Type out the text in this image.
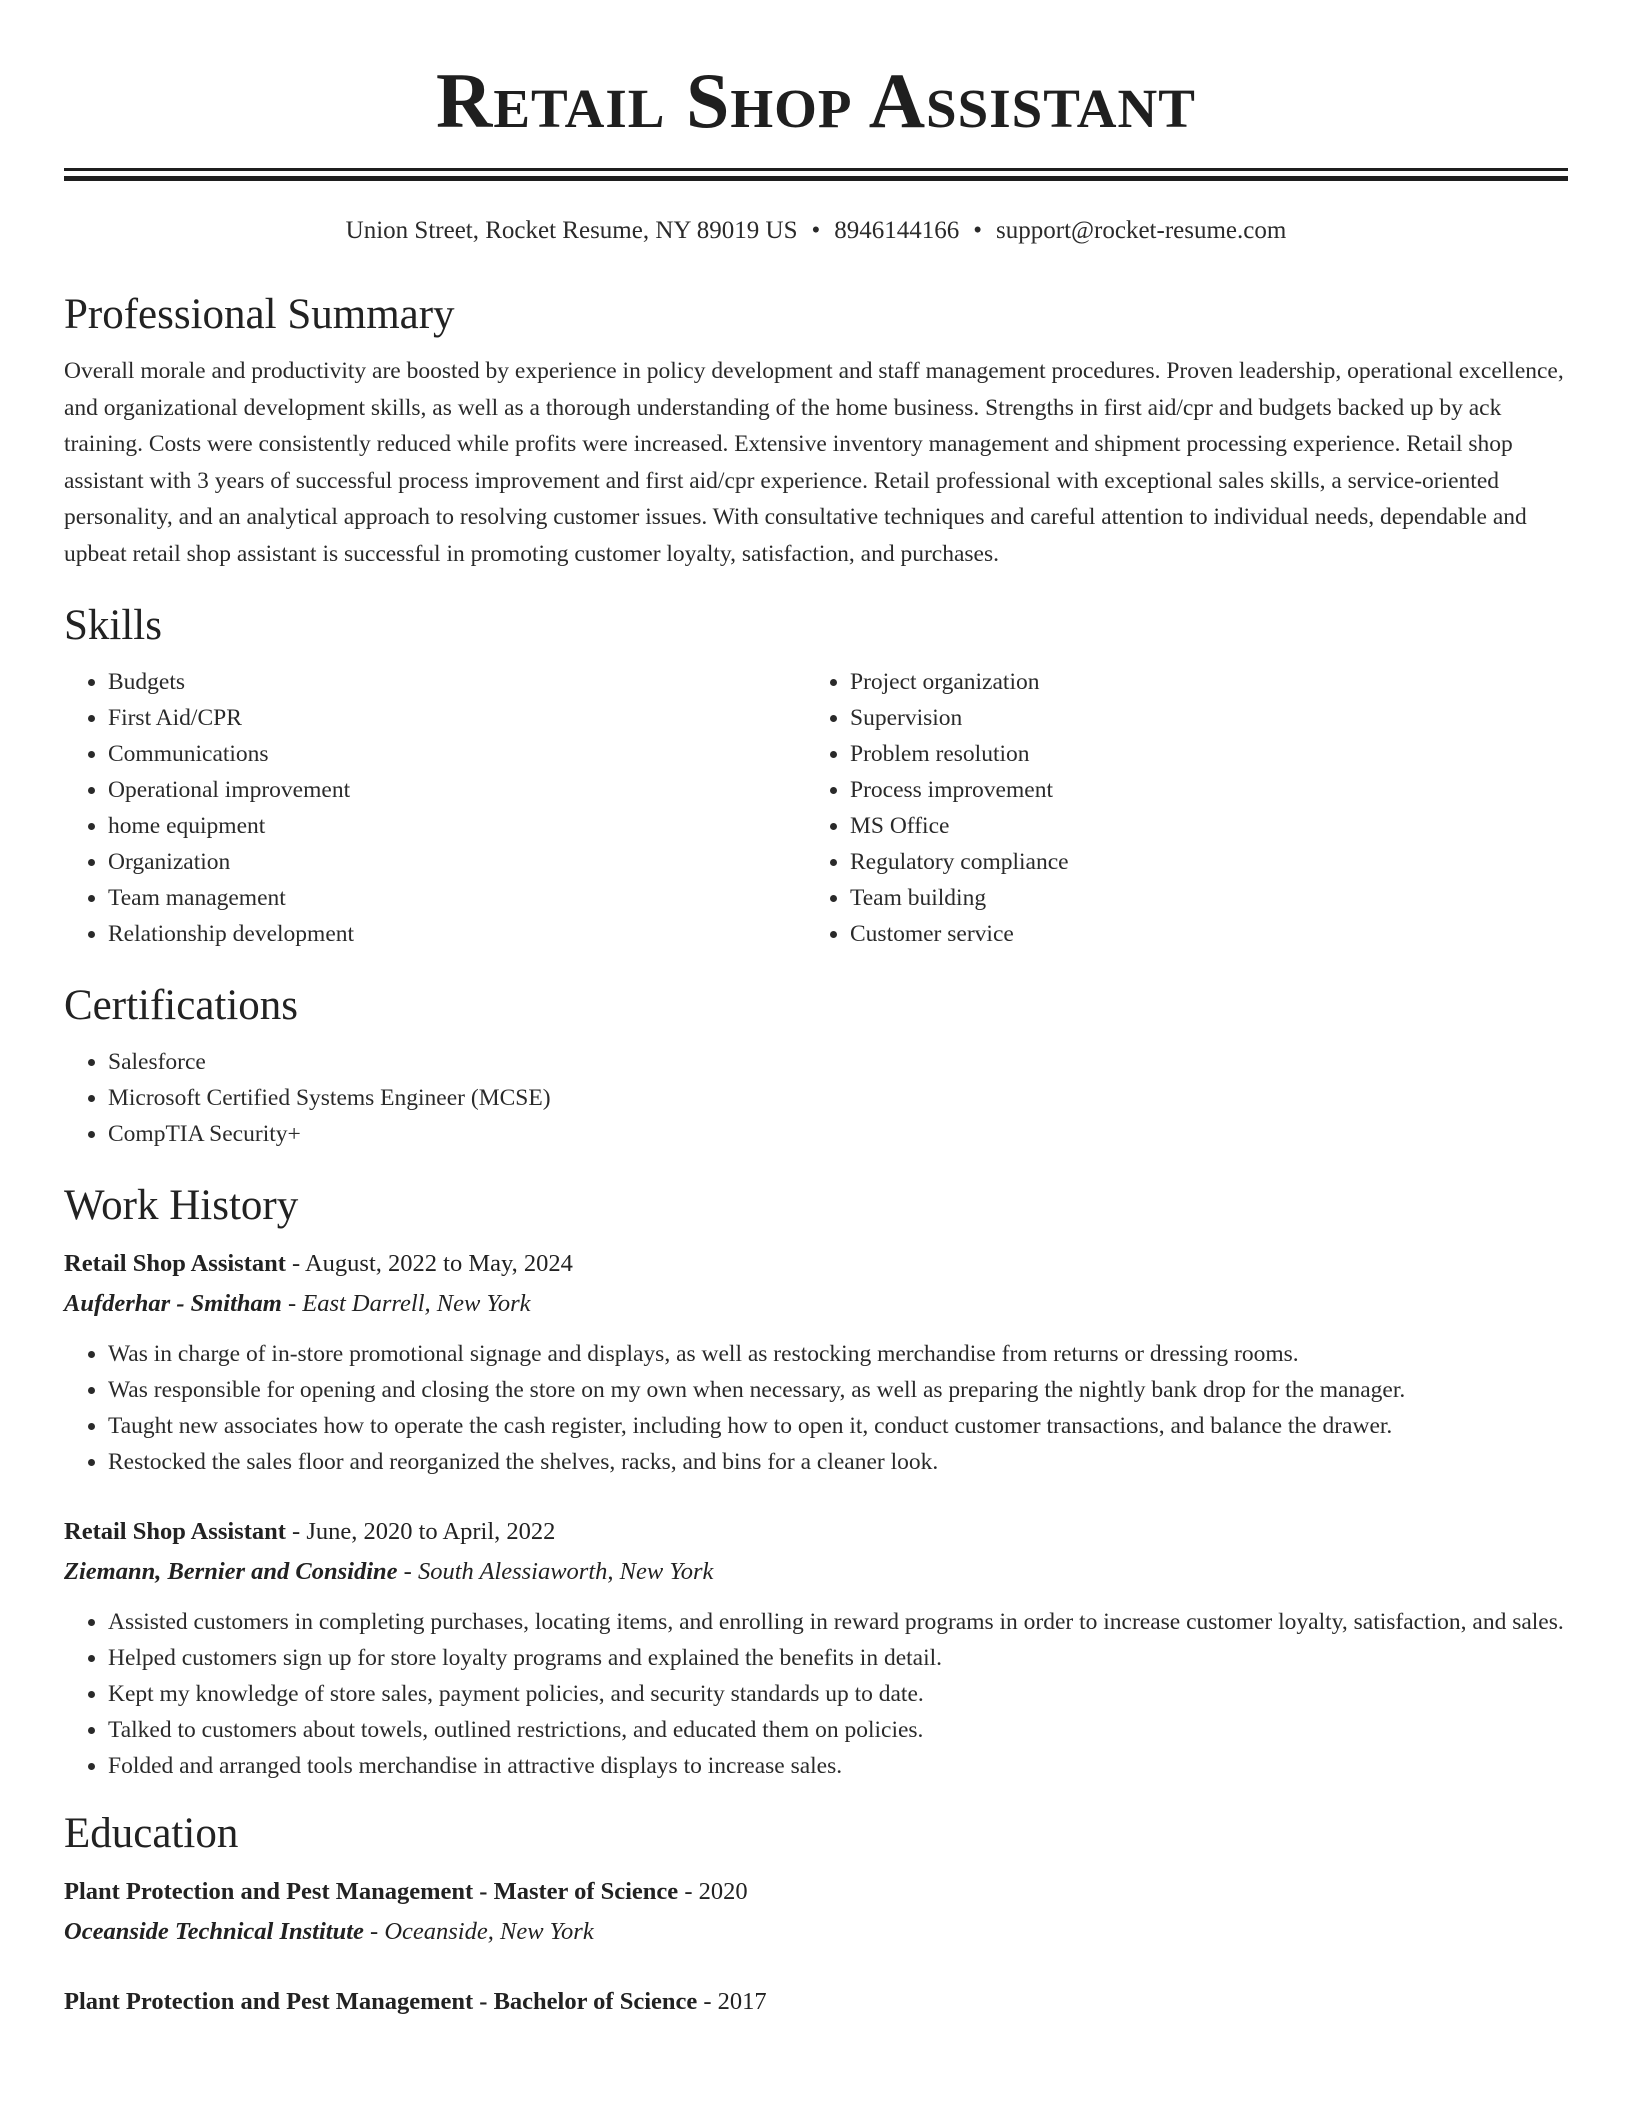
Retail Shop Assistant
Union Street, Rocket Resume, NY 89019 US • 8946144166 • support@rocket-resume.com
Professional Summary

Overall morale and productivity are boosted by experience in policy development and staff management procedures. Proven leadership, operational excellence, and organizational development skills, as well as a thorough understanding of the home business. Strengths in first aid/cpr and budgets backed up by ack training. Costs were consistently reduced while profits were increased. Extensive inventory management and shipment processing experience. Retail shop assistant with 3 years of successful process improvement and first aid/cpr experience. Retail professional with exceptional sales skills, a service-oriented personality, and an analytical approach to resolving customer issues. With consultative techniques and careful attention to individual needs, dependable and upbeat retail shop assistant is successful in promoting customer loyalty, satisfaction, and purchases.

Skills
• Budgets
• First Aid/CPR
• Communications
• Operational improvement
• home equipment
• Organization
• Team management
• Relationship development
• Project organization
• Supervision
• Problem resolution
• Process improvement
• MS Office
• Regulatory compliance
• Team building
• Customer service
Certifications
• Salesforce
• Microsoft Certified Systems Engineer (MCSE)
• CompTIA Security+
Work History
Retail Shop Assistant - August, 2022 to May, 2024
Aufderhar - Smitham - East Darrell, New York
• Was in charge of in-store promotional signage and displays, as well as restocking merchandise from returns or dressing rooms.
• Was responsible for opening and closing the store on my own when necessary, as well as preparing the nightly bank drop for the manager.
• Taught new associates how to operate the cash register, including how to open it, conduct customer transactions, and balance the drawer.
• Restocked the sales floor and reorganized the shelves, racks, and bins for a cleaner look.
Retail Shop Assistant - June, 2020 to April, 2022
Ziemann, Bernier and Considine - South Alessiaworth, New York
• Assisted customers in completing purchases, locating items, and enrolling in reward programs in order to increase customer loyalty, satisfaction, and sales.
• Helped customers sign up for store loyalty programs and explained the benefits in detail.
• Kept my knowledge of store sales, payment policies, and security standards up to date.
• Talked to customers about towels, outlined restrictions, and educated them on policies.
• Folded and arranged tools merchandise in attractive displays to increase sales.
Education
Plant Protection and Pest Management - Master of Science - 2020
Oceanside Technical Institute - Oceanside, New York
Plant Protection and Pest Management - Bachelor of Science - 2017
